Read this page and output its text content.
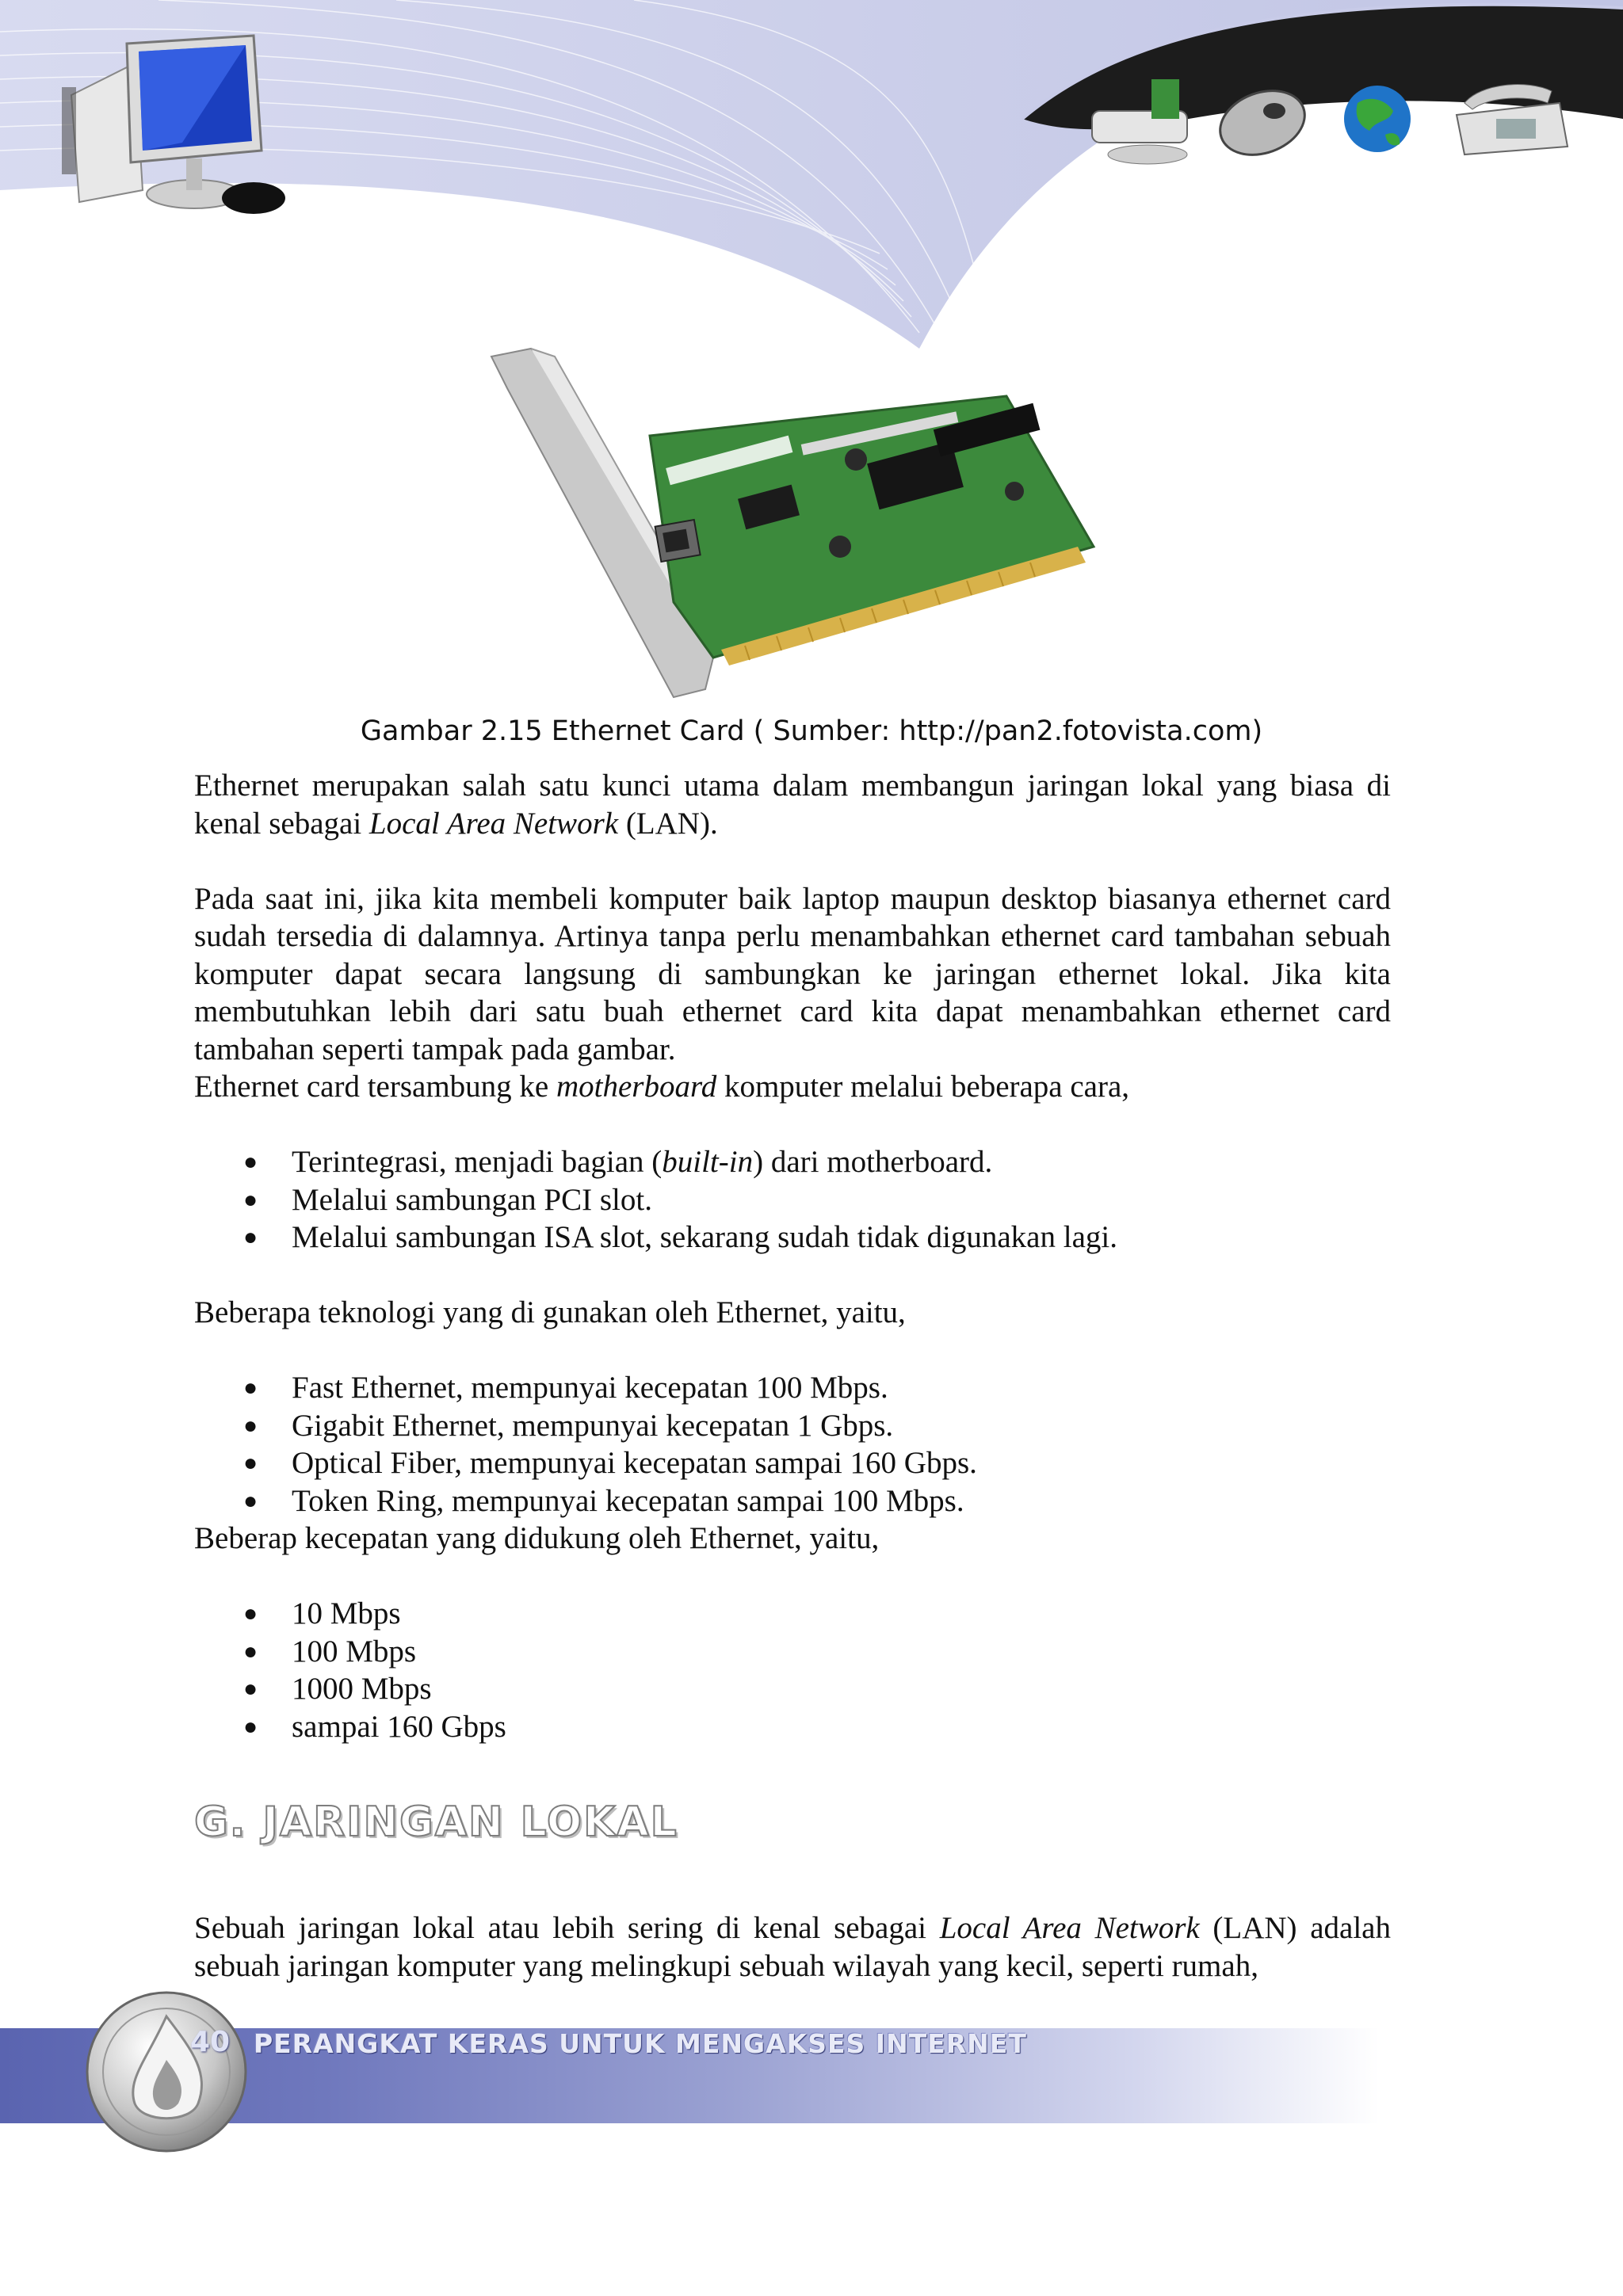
Gambar 2.15 Ethernet Card ( Sumber: http://pan2.fotovista.com)

Ethernet merupakan salah satu kunci utama dalam membangun jaringan lokal yang biasa di kenal sebagai Local Area Network (LAN).

Pada saat ini, jika kita membeli komputer baik laptop maupun desktop biasanya ethernet card sudah tersedia di dalamnya. Artinya tanpa perlu menambahkan ethernet card tambahan sebuah komputer dapat secara langsung di sambungkan ke jaringan ethernet lokal. Jika kita membutuhkan lebih dari satu buah ethernet card kita dapat menambahkan ethernet card tambahan seperti tampak pada gambar.

Ethernet card tersambung ke motherboard komputer melalui beberapa cara,

● Terintegrasi, menjadi bagian (built-in) dari motherboard.
● Melalui sambungan PCI slot.
● Melalui sambungan ISA slot, sekarang sudah tidak digunakan lagi.

Beberapa teknologi yang di gunakan oleh Ethernet, yaitu,

● Fast Ethernet, mempunyai kecepatan 100 Mbps.
● Gigabit Ethernet, mempunyai kecepatan 1 Gbps.
● Optical Fiber, mempunyai kecepatan sampai 160 Gbps.
● Token Ring, mempunyai kecepatan sampai 100 Mbps.

Beberap kecepatan yang didukung oleh Ethernet, yaitu,

● 10 Mbps
● 100 Mbps
● 1000 Mbps
● sampai 160 Gbps
G. JARINGAN LOKAL

Sebuah jaringan lokal atau lebih sering di kenal sebagai Local Area Network (LAN) adalah sebuah jaringan komputer yang melingkupi sebuah wilayah yang kecil, seperti rumah,

40 PERANGKAT KERAS UNTUK MENGAKSES INTERNET
